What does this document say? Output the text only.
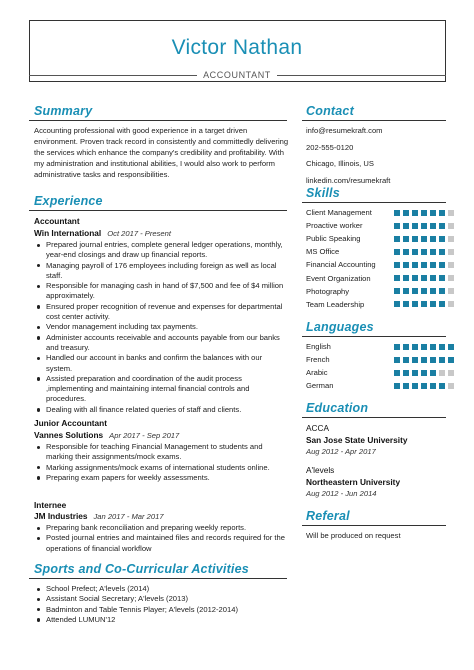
Victor Nathan
ACCOUNTANT
Summary
Accounting professional with good experience in a target driven environment. Proven track record in consistently and committedly delivering the services which enhance the company's credibility and profitability. With my administration and institutional abilities, I would also work to perform administrative tasks and responsibilities.
Experience
Accountant
Win International Oct 2017 - Present
Prepared journal entries, complete general ledger operations, monthly, year-end closings and draw up financial reports.
Managing payroll of 176 employees including foreign as well as local staff.
Responsible for managing cash in hand of $7,500 and fee of $4 million approximately.
Ensured proper recognition of revenue and expenses for departmental cost center activity.
Vendor management including tax payments.
Administer accounts receivable and accounts payable from our banks and treasury.
Handled our account in banks and confirm the balances with our system.
Assisted preparation and coordination of the audit process ,implementing and maintaining internal financial controls and procedures.
Dealing with all finance related queries of staff and clients.
Junior Accountant
Vannes Solutions Apr 2017 - Sep 2017
Responsible for teaching Financial Management to students and marking their assignments/mock exams.
Marking assignments/mock exams of international students online.
Preparing exam papers for weekly assessments.
Internee
JM Industries Jan 2017 - Mar 2017
Preparing bank reconciliation and preparing weekly reports.
Posted journal entries and maintained files and records required for the operations of financial workflow
Sports and Co-Curricular Activities
School Prefect; A'levels (2014)
Assistant Social Secretary; A'levels (2013)
Badminton and Table Tennis Player; A'levels (2012-2014)
Attended LUMUN'12
Contact
info@resumekraft.com
202-555-0120
Chicago, Illinois, US
linkedin.com/resumekraft
Skills
Client Management
Proactive worker
Public Speaking
MS Office
Financial Accounting
Event Organization
Photography
Team Leadership
Languages
English
French
Arabic
German
Education
ACCA
San Jose State University
Aug 2012 - Apr 2017
A'levels
Northeastern University
Aug 2012 - Jun 2014
Referal
Will be produced on request
